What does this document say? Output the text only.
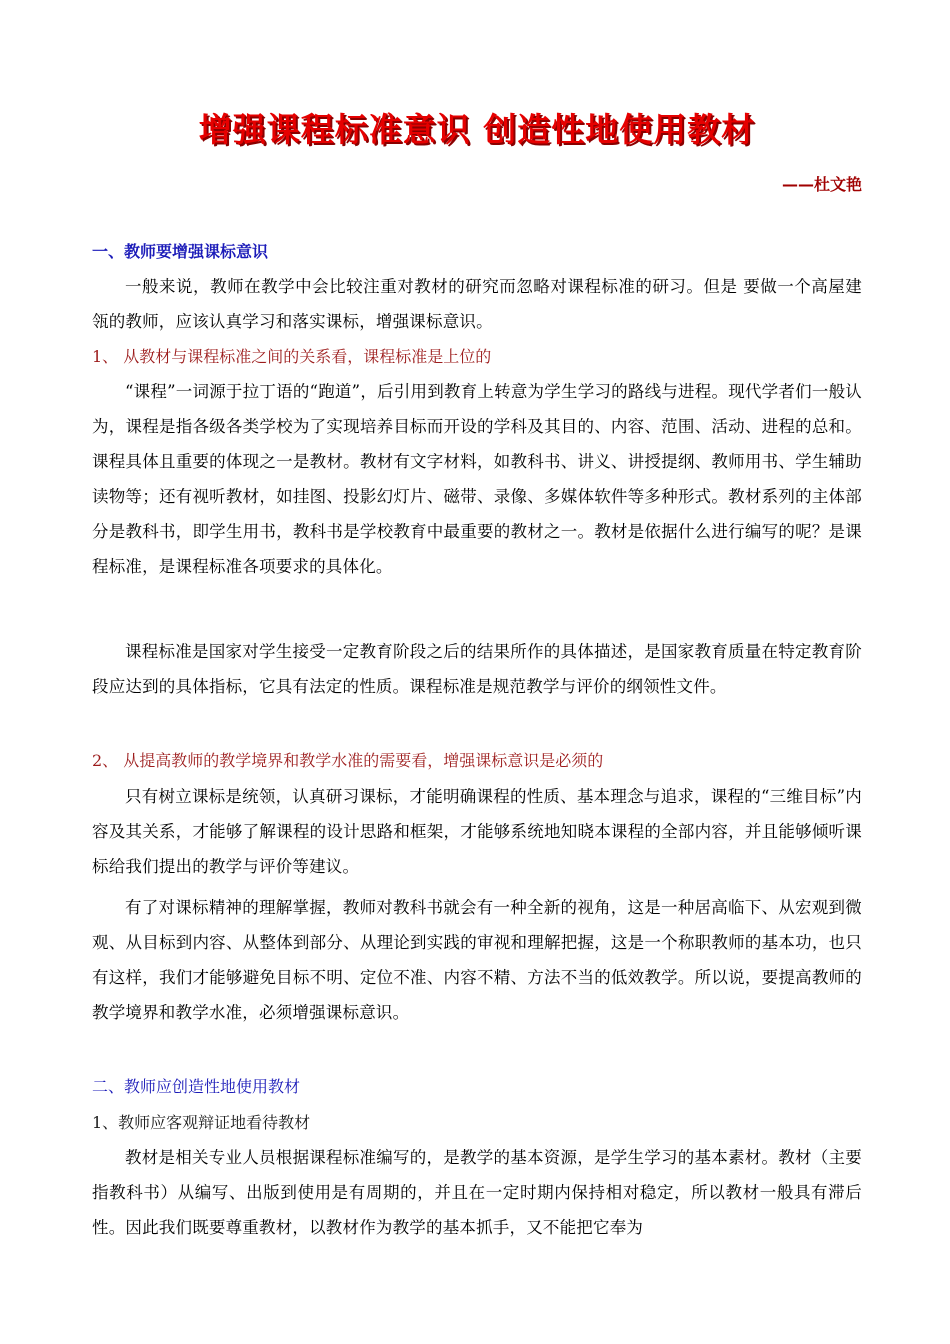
增强课程标准意识 创造性地使用教材
——杜文艳
一、教师要增强课标意识
一般来说，教师在教学中会比较注重对教材的研究而忽略对课程标准的研习。但是 要做一个高屋建瓴的教师，应该认真学习和落实课标，增强课标意识。
1、 从教材与课程标准之间的关系看，课程标准是上位的
“课程”一词源于拉丁语的“跑道”，后引用到教育上转意为学生学习的路线与进程。现代学者们一般认为，课程是指各级各类学校为了实现培养目标而开设的学科及其目的、内容、范围、活动、进程的总和。课程具体且重要的体现之一是教材。教材有文字材料，如教科书、讲义、讲授提纲、教师用书、学生辅助读物等；还有视听教材，如挂图、投影幻灯片、磁带、录像、多媒体软件等多种形式。教材系列的主体部分是教科书，即学生用书，教科书是学校教育中最重要的教材之一。教材是依据什么进行编写的呢？是课程标准，是课程标准各项要求的具体化。
课程标准是国家对学生接受一定教育阶段之后的结果所作的具体描述，是国家教育质量在特定教育阶段应达到的具体指标，它具有法定的性质。课程标准是规范教学与评价的纲领性文件。
2、 从提高教师的教学境界和教学水准的需要看，增强课标意识是必须的
只有树立课标是统领，认真研习课标，才能明确课程的性质、基本理念与追求，课程的“三维目标”内容及其关系，才能够了解课程的设计思路和框架，才能够系统地知晓本课程的全部内容，并且能够倾听课标给我们提出的教学与评价等建议。
有了对课标精神的理解掌握，教师对教科书就会有一种全新的视角，这是一种居高临下、从宏观到微观、从目标到内容、从整体到部分、从理论到实践的审视和理解把握，这是一个称职教师的基本功，也只有这样，我们才能够避免目标不明、定位不准、内容不精、方法不当的低效教学。所以说，要提高教师的教学境界和教学水准，必须增强课标意识。
二、教师应创造性地使用教材
1、教师应客观辩证地看待教材
教材是相关专业人员根据课程标准编写的，是教学的基本资源，是学生学习的基本素材。教材（主要指教科书）从编写、出版到使用是有周期的，并且在一定时期内保持相对稳定，所以教材一般具有滞后性。因此我们既要尊重教材，以教材作为教学的基本抓手，又不能把它奉为
